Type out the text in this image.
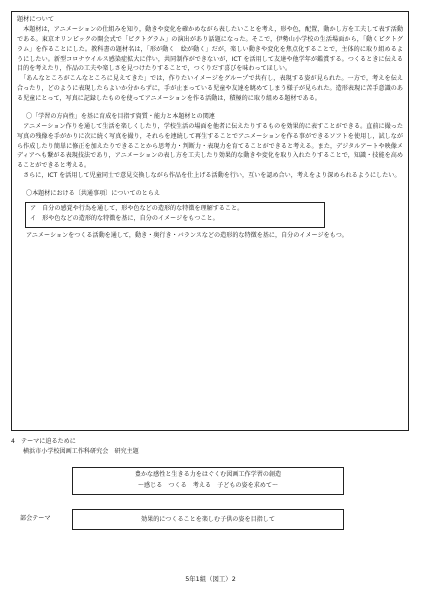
題材について
　本題材は，アニメーションの仕組みを知り，動きや変化を確かめながら表したいことを考え，形や色，配置，動かし方を工夫して表す活動である。東京オリンピックの開会式で「ピクトグラム」の演出があり話題になった。そこで，伊勢山小学校の生活場面から，「動くピクトグラム」を作ることにした。教科書の題材名は，「形が動く　絵が動く」だが，楽しい動きや変化を焦点化することで，主体的に取り組めるようにしたい。新型コロナウイルス感染症拡大に伴い，共同制作ができないが，ICT を活用して友達や他学年が鑑賞する。つくるときに伝える目的を考えたり，作品の工夫や楽しさを見つけたりすることで，つくりだす喜びを味わってほしい。
　「あんなところがこんなところに見えてきた」では，作りたいイメージをグループで共有し，表現する姿が見られた。一方で，考えを伝え合ったり，どのように表現したらよいか分からずに，手が止まっている児童や友達を眺めてしまう様子が見られた。造形表現に苦手意識のある児童にとって，写真に記録したものを使ってアニメーションを作る活動は，積極的に取り組める題材である。
〇「学習の方向性」を基に育成を目指す資質・能力と本題材との関連
　アニメーション作りを通して生活を楽しくしたり，学校生活の場面を他者に伝えたりするものを効果的に表すことができる。直前に撮った写真の残像を手がかりに次に続く写真を撮り，それらを連続して再生することでアニメーションを作る事ができるソフトを使用し，試しながら作成したり簡単に修正を加えたりできることから思考力・判断力・表現力を育てることができると考える。また，デジタルアートや映像メディアへも繋がる表現技法であり，アニメーションの表し方を工夫したり効果的な動きや変化を取り入れたりすることで，知識・技能を高めることができると考える。
　さらに，ICT を活用して児童同士で意見交換しながら作品を仕上げる活動を行い，互いを認め合い，考えをより深められるようにしたい。
〇本題材における〔共通事項〕についてのとらえ
ア　自分の感覚や行為を通して，形や色などの造形的な特徴を理解すること。
イ　形や色などの造形的な特徴を基に，自分のイメージをもつこと。
アニメーションをつくる活動を通して，動き・奥行き・バランスなどの造形的な特徴を基に，自分のイメージをもつ。
4　テーマに迫るために
横浜市小学校図画工作科研究会　研究主題
豊かな感性と生きる力をはぐくむ図画工作学習の創造
～感じる　つくる　考える　子どもの姿を求めて～
部会テーマ	効果的につくることを楽しむ子供の姿を目指して
5年1組（図工）2
